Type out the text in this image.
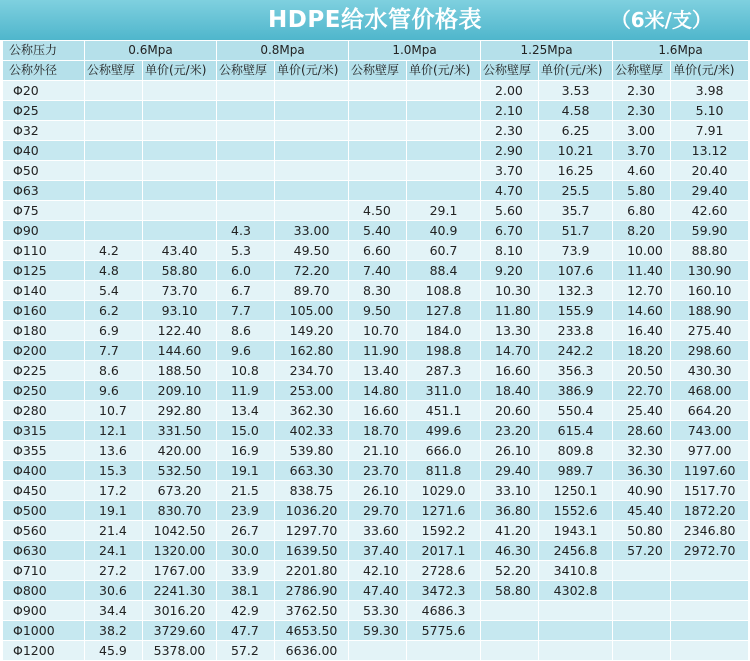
HDPE给水管价格表	（6米/支）
公称压力	0.6Mpa		0.8Mpa		1.0Mpa		1.25Mpa		1.6Mpa	
公称外径	公称壁厚	单价(元/米)	公称壁厚	单价(元/米)	公称壁厚	单价(元/米)	公称壁厚	单价(元/米)	公称壁厚	单价(元/米)
Φ20							2.00	3.53	2.30	3.98
Φ25							2.10	4.58	2.30	5.10
Φ32							2.30	6.25	3.00	7.91
Φ40							2.90	10.21	3.70	13.12
Φ50							3.70	16.25	4.60	20.40
Φ63							4.70	25.5	5.80	29.40
Φ75					4.50	29.1	5.60	35.7	6.80	42.60
Φ90			4.3	33.00	5.40	40.9	6.70	51.7	8.20	59.90
Φ110	4.2	43.40	5.3	49.50	6.60	60.7	8.10	73.9	10.00	88.80
Φ125	4.8	58.80	6.0	72.20	7.40	88.4	9.20	107.6	11.40	130.90
Φ140	5.4	73.70	6.7	89.70	8.30	108.8	10.30	132.3	12.70	160.10
Φ160	6.2	93.10	7.7	105.00	9.50	127.8	11.80	155.9	14.60	188.90
Φ180	6.9	122.40	8.6	149.20	10.70	184.0	13.30	233.8	16.40	275.40
Φ200	7.7	144.60	9.6	162.80	11.90	198.8	14.70	242.2	18.20	298.60
Φ225	8.6	188.50	10.8	234.70	13.40	287.3	16.60	356.3	20.50	430.30
Φ250	9.6	209.10	11.9	253.00	14.80	311.0	18.40	386.9	22.70	468.00
Φ280	10.7	292.80	13.4	362.30	16.60	451.1	20.60	550.4	25.40	664.20
Φ315	12.1	331.50	15.0	402.33	18.70	499.6	23.20	615.4	28.60	743.00
Φ355	13.6	420.00	16.9	539.80	21.10	666.0	26.10	809.8	32.30	977.00
Φ400	15.3	532.50	19.1	663.30	23.70	811.8	29.40	989.7	36.30	1197.60
Φ450	17.2	673.20	21.5	838.75	26.10	1029.0	33.10	1250.1	40.90	1517.70
Φ500	19.1	830.70	23.9	1036.20	29.70	1271.6	36.80	1552.6	45.40	1872.20
Φ560	21.4	1042.50	26.7	1297.70	33.60	1592.2	41.20	1943.1	50.80	2346.80
Φ630	24.1	1320.00	30.0	1639.50	37.40	2017.1	46.30	2456.8	57.20	2972.70
Φ710	27.2	1767.00	33.9	2201.80	42.10	2728.6	52.20	3410.8		
Φ800	30.6	2241.30	38.1	2786.90	47.40	3472.3	58.80	4302.8		
Φ900	34.4	3016.20	42.9	3762.50	53.30	4686.3				
Φ1000	38.2	3729.60	47.7	4653.50	59.30	5775.6				
Φ1200	45.9	5378.00	57.2	6636.00						
